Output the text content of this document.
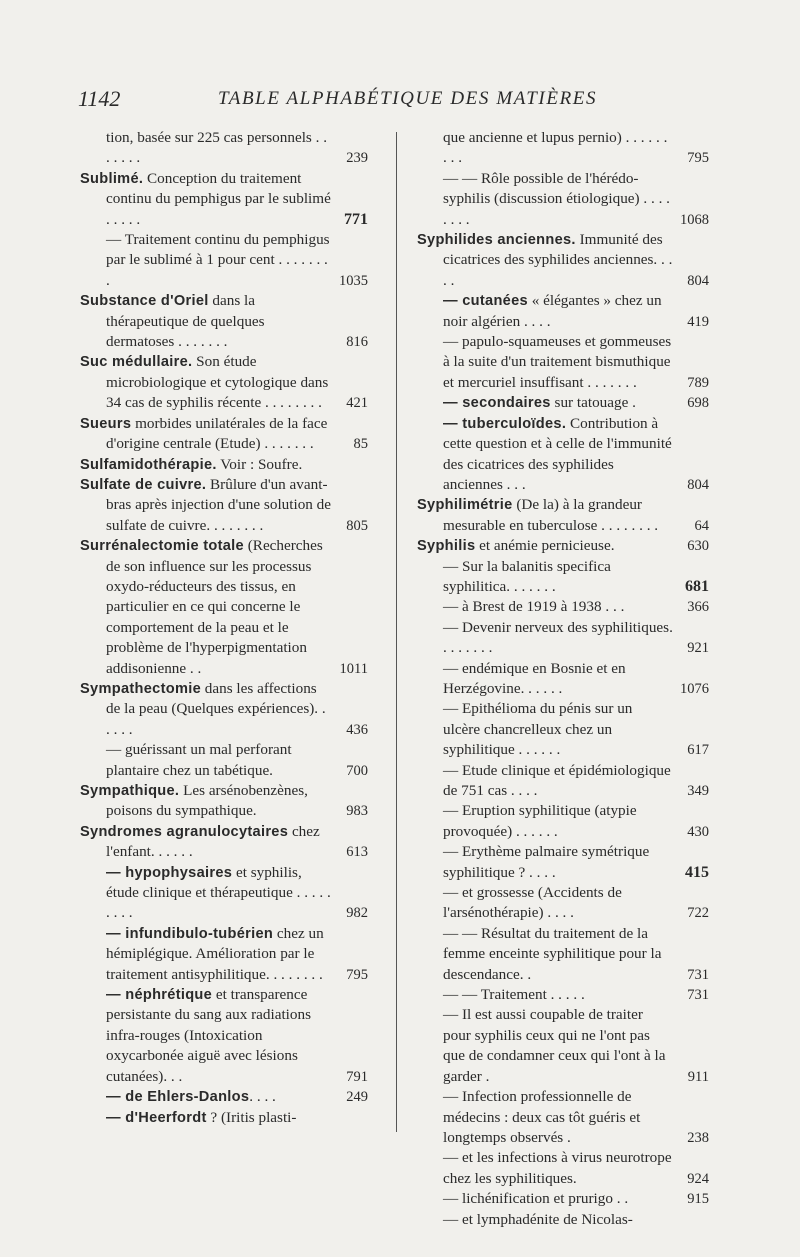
1142	TABLE ALPHABÉTIQUE DES MATIÈRES
tion, basée sur 225 cas personnels . . . . . . .	239
Sublimé. Conception du traitement continu du pemphigus par le sublimé . . . . .	771
— Traitement continu du pemphigus par le sublimé à 1 pour cent . . . . . . . .	1035
Substance d'Oriel dans la thérapeutique de quelques dermatoses . . . . . . .	816
Suc médullaire. Son étude microbiologique et cytologique dans 34 cas de syphilis récente . . . . . . . .	421
Sueurs morbides unilatérales de la face d'origine centrale (Etude) . . . . . . .	85
Sulfamidothérapie. Voir : Soufre.
Sulfate de cuivre. Brûlure d'un avant-bras après injection d'une solution de sulfate de cuivre. . . . . . . .	805
Surrénalectomie totale (Recherches de son influence sur les processus oxydo-réducteurs des tissus, en particulier en ce qui concerne le comportement de la peau et le problème de l'hyperpigmentation addisonienne . .	1011
Sympathectomie dans les affections de la peau (Quelques expériences). . . . . .	436
— guérissant un mal perforant plantaire chez un tabétique.	700
Sympathique. Les arsénobenzènes, poisons du sympathique.	983
Syndromes agranulocytaires chez l'enfant. . . . . .	613
— hypophysaires et syphilis, étude clinique et thérapeutique . . . . . . . . .	982
— infundibulo-tubérien chez un hémiplégique. Amélioration par le traitement antisyphilitique. . . . . . . .	795
— néphrétique et transparence persistante du sang aux radiations infra-rouges (Intoxication oxycarbonée aiguë avec lésions cutanées). . .	791
— de Ehlers-Danlos. . . .	249
— d'Heerfordt ? (Iritis plasti-
que ancienne et lupus pernio) . . . . . . . . .	795
— — Rôle possible de l'hérédo-syphilis (discussion étiologique) . . . . . . . .	1068
Syphilides anciennes. Immunité des cicatrices des syphilides anciennes. . . . .	804
— cutanées « élégantes » chez un noir algérien . . . .	419
— papulo-squameuses et gommeuses à la suite d'un traitement bismuthique et mercuriel insuffisant . . . . . . .	789
— secondaires sur tatouage .	698
— tuberculoïdes. Contribution à cette question et à celle de l'immunité des cicatrices des syphilides anciennes . . .	804
Syphilimétrie (De la) à la grandeur mesurable en tuberculose . . . . . . . .	64
Syphilis et anémie pernicieuse.	630
— Sur la balanitis specifica syphilitica. . . . . . .	681
— à Brest de 1919 à 1938 . . .	366
— Devenir nerveux des syphilitiques. . . . . . . .	921
— endémique en Bosnie et en Herzégovine. . . . . .	1076
— Epithélioma du pénis sur un ulcère chancrelleux chez un syphilitique . . . . . .	617
— Etude clinique et épidémiologique de 751 cas . . . .	349
— Eruption syphilitique (atypie provoquée) . . . . . .	430
— Erythème palmaire symétrique syphilitique ? . . . .	415
— et grossesse (Accidents de l'arsénothérapie) . . . .	722
— — Résultat du traitement de la femme enceinte syphilitique pour la descendance. .	731
— — Traitement . . . . .	731
— Il est aussi coupable de traiter pour syphilis ceux qui ne l'ont pas que de condamner ceux qui l'ont à la garder .	911
— Infection professionnelle de médecins : deux cas tôt guéris et longtemps observés .	238
— et les infections à virus neurotrope chez les syphilitiques.	924
— lichénification et prurigo . .	915
— et lymphadénite de Nicolas-
